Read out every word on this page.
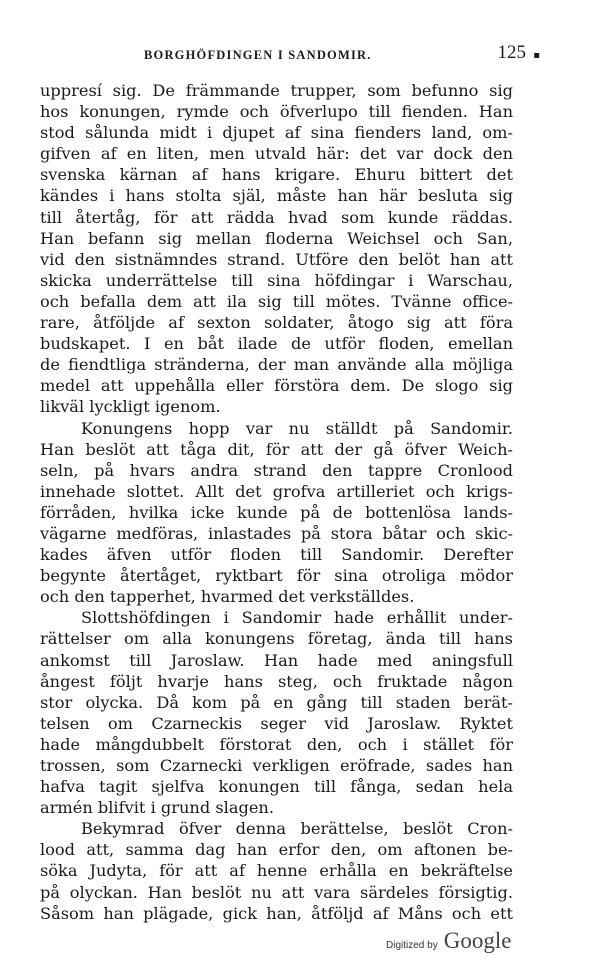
BORGHÖFDINGEN I SANDOMIR.	125 ▪
uppresí sig. De främmande trupper, som befunno sig
hos konungen, rymde och öfverlupo till fienden. Han
stod sålunda midt i djupet af sina fienders land, om-
gifven af en liten, men utvald här: det var dock den
svenska kärnan af hans krigare. Ehuru bittert det
kändes i hans stolta själ, måste han här besluta sig
till återtåg, för att rädda hvad som kunde räddas.
Han befann sig mellan floderna Weichsel och San,
vid den sistnämndes strand. Utföre den belöt han att
skicka underrättelse till sina höfdingar i Warschau,
och befalla dem att ila sig till mötes. Tvänne office-
rare, åtföljde af sexton soldater, åtogo sig att föra
budskapet. I en båt ilade de utför floden, emellan
de fiendtliga stränderna, der man använde alla möjliga
medel att uppehålla eller förstöra dem. De slogo sig
likväl lyckligt igenom.
Konungens hopp var nu ställdt på Sandomir.
Han beslöt att tåga dit, för att der gå öfver Weich-
seln, på hvars andra strand den tappre Cronlood
innehade slottet. Allt det grofva artilleriet och krigs-
förråden, hvilka icke kunde på de bottenlösa lands-
vägarne medföras, inlastades på stora båtar och skic-
kades äfven utför floden till Sandomir. Derefter
begynte återtåget, ryktbart för sina otroliga mödor
och den tapperhet, hvarmed det verkställdes.
Slottshöfdingen i Sandomir hade erhållit under-
rättelser om alla konungens företag, ända till hans
ankomst till Jaroslaw. Han hade med aningsfull
ångest följt hvarje hans steg, och fruktade någon
stor olycka. Då kom på en gång till staden berät-
telsen om Czarneckis seger vid Jaroslaw. Ryktet
hade mångdubbelt förstorat den, och i stället för
trossen, som Czarnecki verkligen eröfrade, sades han
hafva tagit sjelfva konungen till fånga, sedan hela
armén blifvit i grund slagen.
Bekymrad öfver denna berättelse, beslöt Cron-
lood att, samma dag han erfor den, om aftonen be-
söka Judyta, för att af henne erhålla en bekräftelse
på olyckan. Han beslöt nu att vara särdeles försigtig.
Såsom han plägade, gick han, åtföljd af Måns och ett
Digitized by Google
